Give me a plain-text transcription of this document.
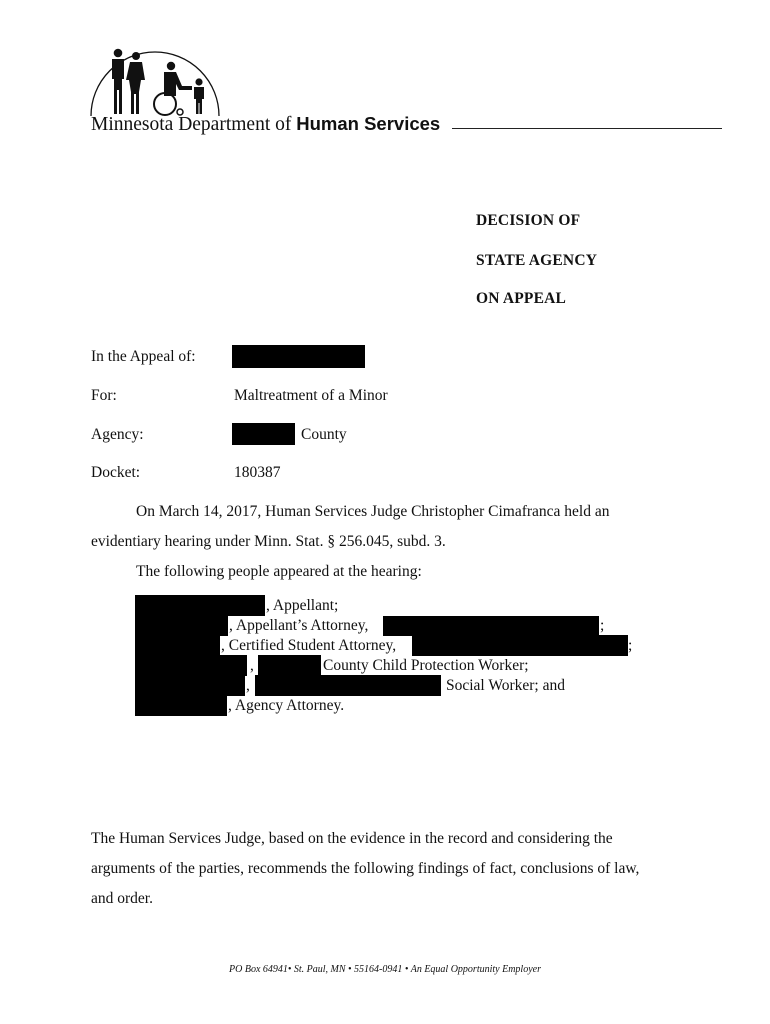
Minnesota Department of Human Services
DECISION OF
STATE AGENCY
ON APPEAL
In the Appeal of:
For:	Maltreatment of a Minor
Agency:	County
Docket:	180387
On March 14, 2017, Human Services Judge Christopher Cimafranca held an
evidentiary hearing under Minn. Stat. § 256.045, subd. 3.
The following people appeared at the hearing:
, Appellant;
, Appellant’s Attorney,	;
, Certified Student Attorney,	;
,	County Child Protection Worker;
,	Social Worker; and
, Agency Attorney.
The Human Services Judge, based on the evidence in the record and considering the
arguments of the parties, recommends the following findings of fact, conclusions of law,
and order.
PO Box 64941• St. Paul, MN • 55164-0941 • An Equal Opportunity Employer
